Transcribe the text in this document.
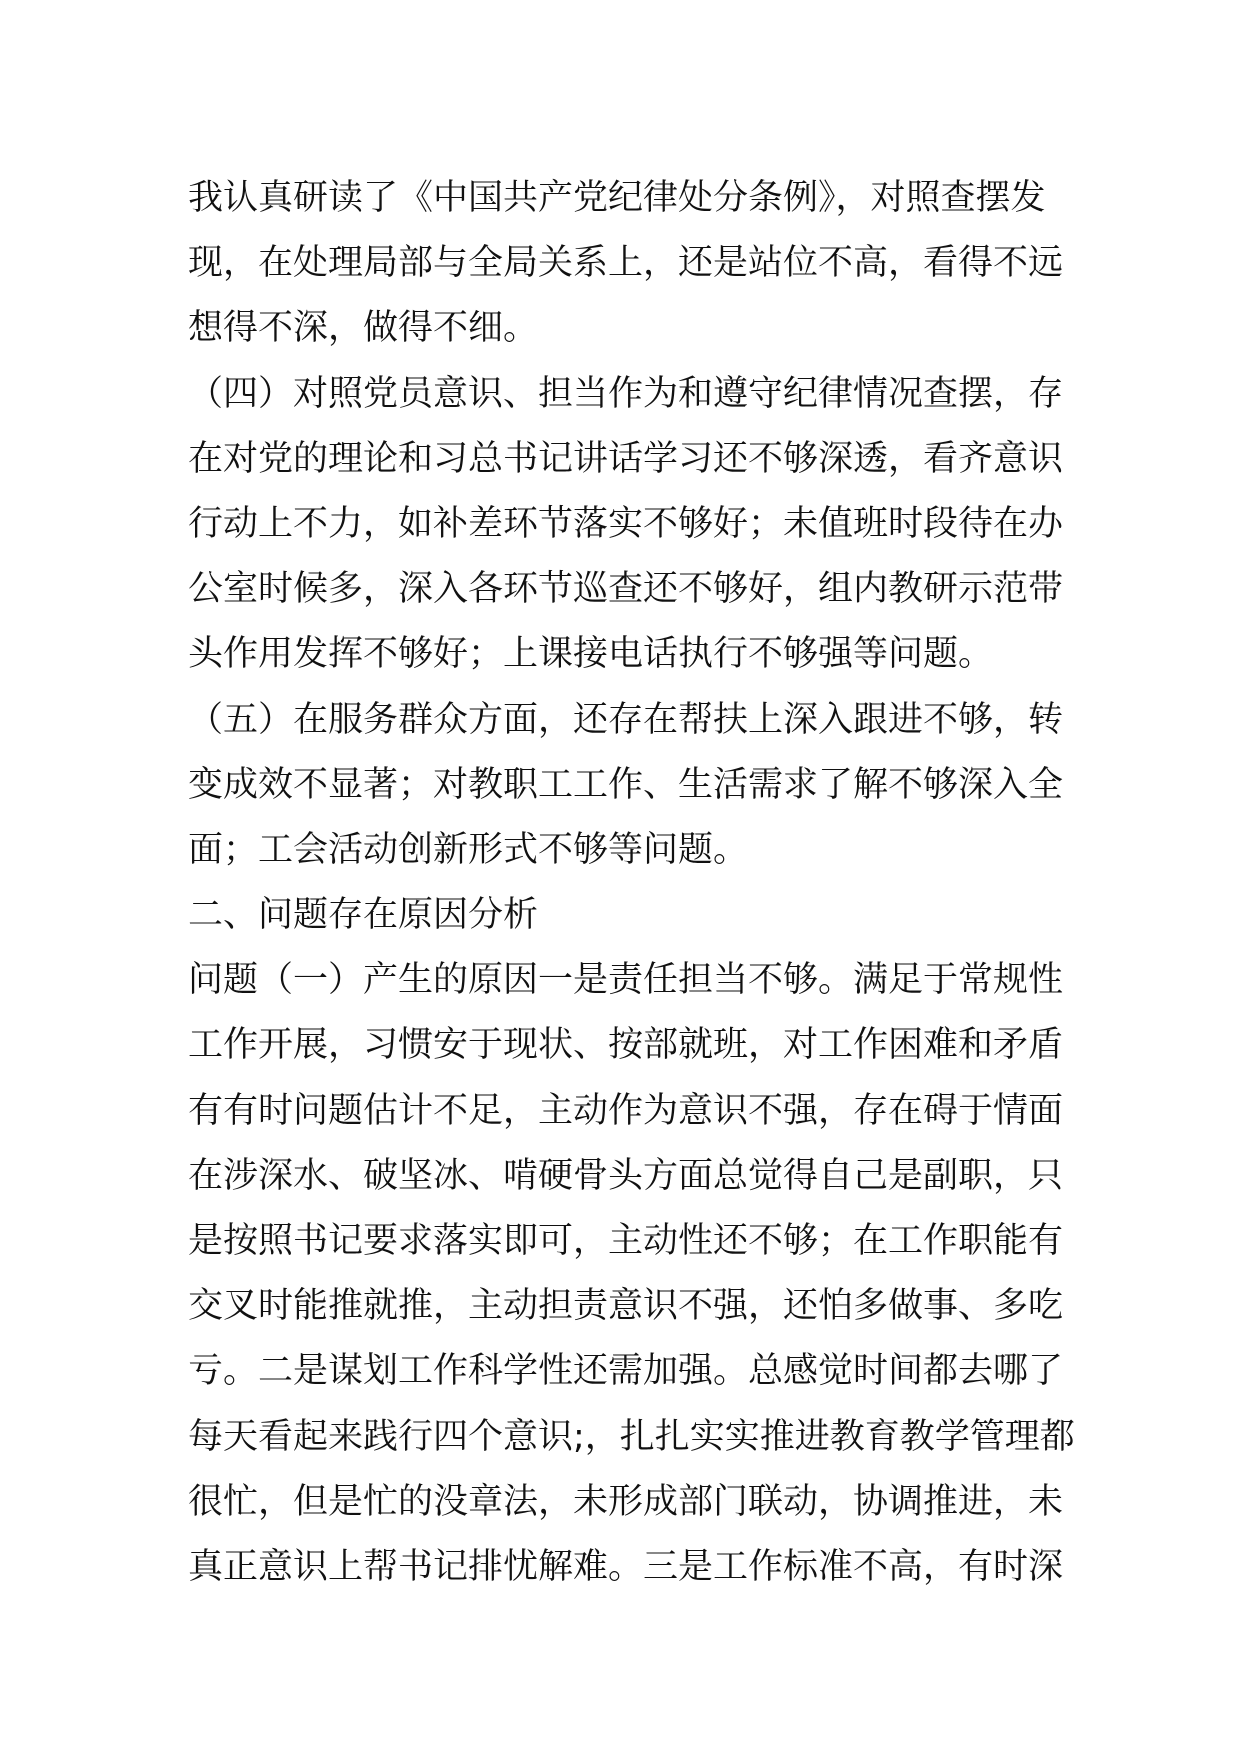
我认真研读了《中国共产党纪律处分条例》，对照查摆发
现，在处理局部与全局关系上，还是站位不高，看得不远
想得不深，做得不细。
（四）对照党员意识、担当作为和遵守纪律情况查摆，存
在对党的理论和习总书记讲话学习还不够深透，看齐意识
行动上不力，如补差环节落实不够好；未值班时段待在办
公室时候多，深入各环节巡查还不够好，组内教研示范带
头作用发挥不够好；上课接电话执行不够强等问题。
（五）在服务群众方面，还存在帮扶上深入跟进不够，转
变成效不显著；对教职工工作、生活需求了解不够深入全
面；工会活动创新形式不够等问题。
二、问题存在原因分析
问题（一）产生的原因一是责任担当不够。满足于常规性
工作开展，习惯安于现状、按部就班，对工作困难和矛盾
有有时问题估计不足，主动作为意识不强，存在碍于情面
在涉深水、破坚冰、啃硬骨头方面总觉得自己是副职，只
是按照书记要求落实即可，主动性还不够；在工作职能有
交叉时能推就推，主动担责意识不强，还怕多做事、多吃
亏。二是谋划工作科学性还需加强。总感觉时间都去哪了
每天看起来践行四个意识;，扎扎实实推进教育教学管理都
很忙，但是忙的没章法，未形成部门联动，协调推进，未
真正意识上帮书记排忧解难。三是工作标准不高，有时深
